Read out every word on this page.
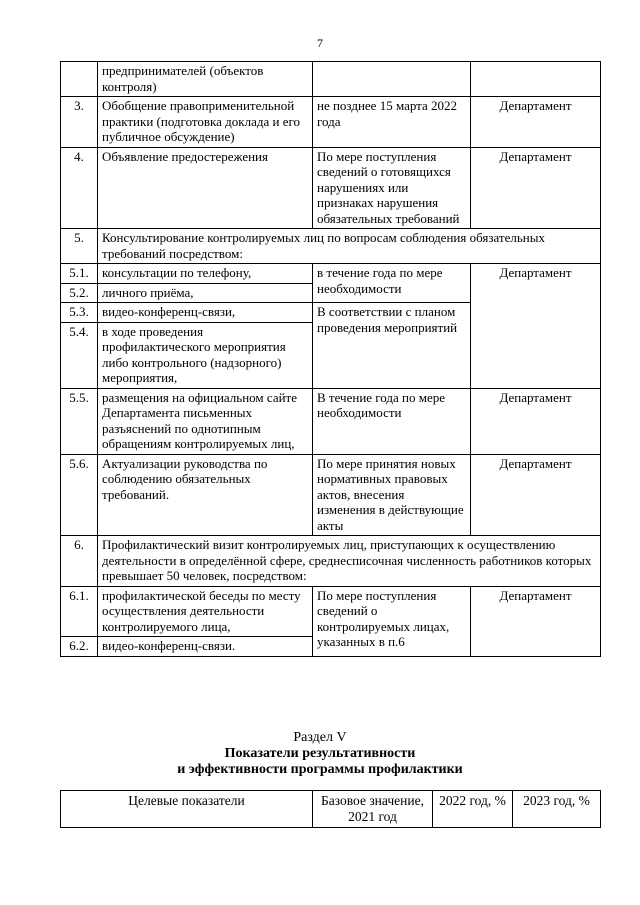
7
	предпринимателей (объектов контроля)		
3.	Обобщение правоприменительной практики (подготовка доклада и его публичное обсуждение)	не позднее 15 марта 2022 года	Департамент
4.	Объявление предостережения	По мере поступления сведений о готовящихся нарушениях или признаках нарушения обязательных требований	Департамент
5.	Консультирование контролируемых лиц по вопросам соблюдения обязательных требований посредством:		
5.1.	консультации по телефону,	в течение года по мере необходимости	Департамент
5.2.	личного приёма,		
5.3.	видео-конференц-связи,	В соответствии с планом проведения мероприятий	
5.4.	в ходе проведения профилактического мероприятия либо контрольного (надзорного) мероприятия,		
5.5.	размещения на официальном сайте Департамента письменных разъяснений по однотипным обращениям контролируемых лиц,	В течение года по мере необходимости	Департамент
5.6.	Актуализации руководства по соблюдению обязательных требований.	По мере принятия новых нормативных правовых актов, внесения изменения в действующие акты	Департамент
6.	Профилактический визит контролируемых лиц, приступающих к осуществлению деятельности в определённой сфере, среднесписочная численность работников которых превышает 50 человек, посредством:		
6.1.	профилактической беседы по месту осуществления деятельности контролируемого лица,	По мере поступления сведений о контролируемых лицах, указанных в п.6	Департамент
6.2.	видео-конференц-связи.		
Раздел V
Показатели результативности
и эффективности программы профилактики
Целевые показатели	Базовое значение, 2021 год	2022 год, %	2023 год, %
